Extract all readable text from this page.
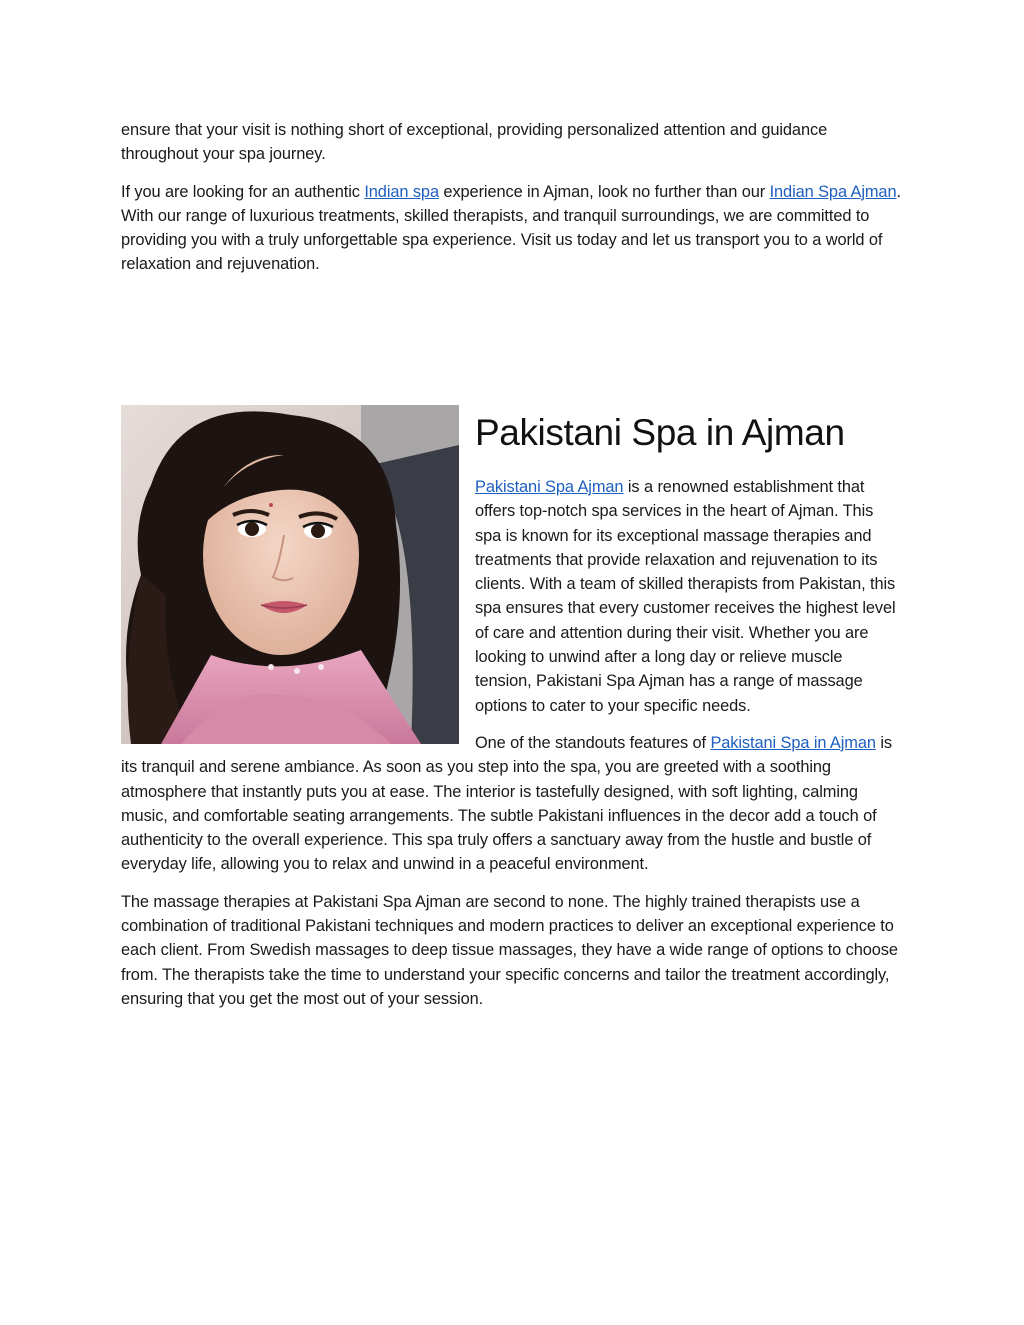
ensure that your visit is nothing short of exceptional, providing personalized attention and guidance throughout your spa journey.

If you are looking for an authentic Indian spa experience in Ajman, look no further than our Indian Spa Ajman. With our range of luxurious treatments, skilled therapists, and tranquil surroundings, we are committed to providing you with a truly unforgettable spa experience. Visit us today and let us transport you to a world of relaxation and rejuvenation.

Pakistani Spa in Ajman

Pakistani Spa Ajman is a renowned establishment that offers top-notch spa services in the heart of Ajman. This spa is known for its exceptional massage therapies and treatments that provide relaxation and rejuvenation to its clients. With a team of skilled therapists from Pakistan, this spa ensures that every customer receives the highest level of care and attention during their visit. Whether you are looking to unwind after a long day or relieve muscle tension, Pakistani Spa Ajman has a range of massage options to cater to your specific needs.

One of the standouts features of Pakistani Spa in Ajman is its tranquil and serene ambiance. As soon as you step into the spa, you are greeted with a soothing atmosphere that instantly puts you at ease. The interior is tastefully designed, with soft lighting, calming music, and comfortable seating arrangements. The subtle Pakistani influences in the decor add a touch of authenticity to the overall experience. This spa truly offers a sanctuary away from the hustle and bustle of everyday life, allowing you to relax and unwind in a peaceful environment.

The massage therapies at Pakistani Spa Ajman are second to none. The highly trained therapists use a combination of traditional Pakistani techniques and modern practices to deliver an exceptional experience to each client. From Swedish massages to deep tissue massages, they have a wide range of options to choose from. The therapists take the time to understand your specific concerns and tailor the treatment accordingly, ensuring that you get the most out of your session.
